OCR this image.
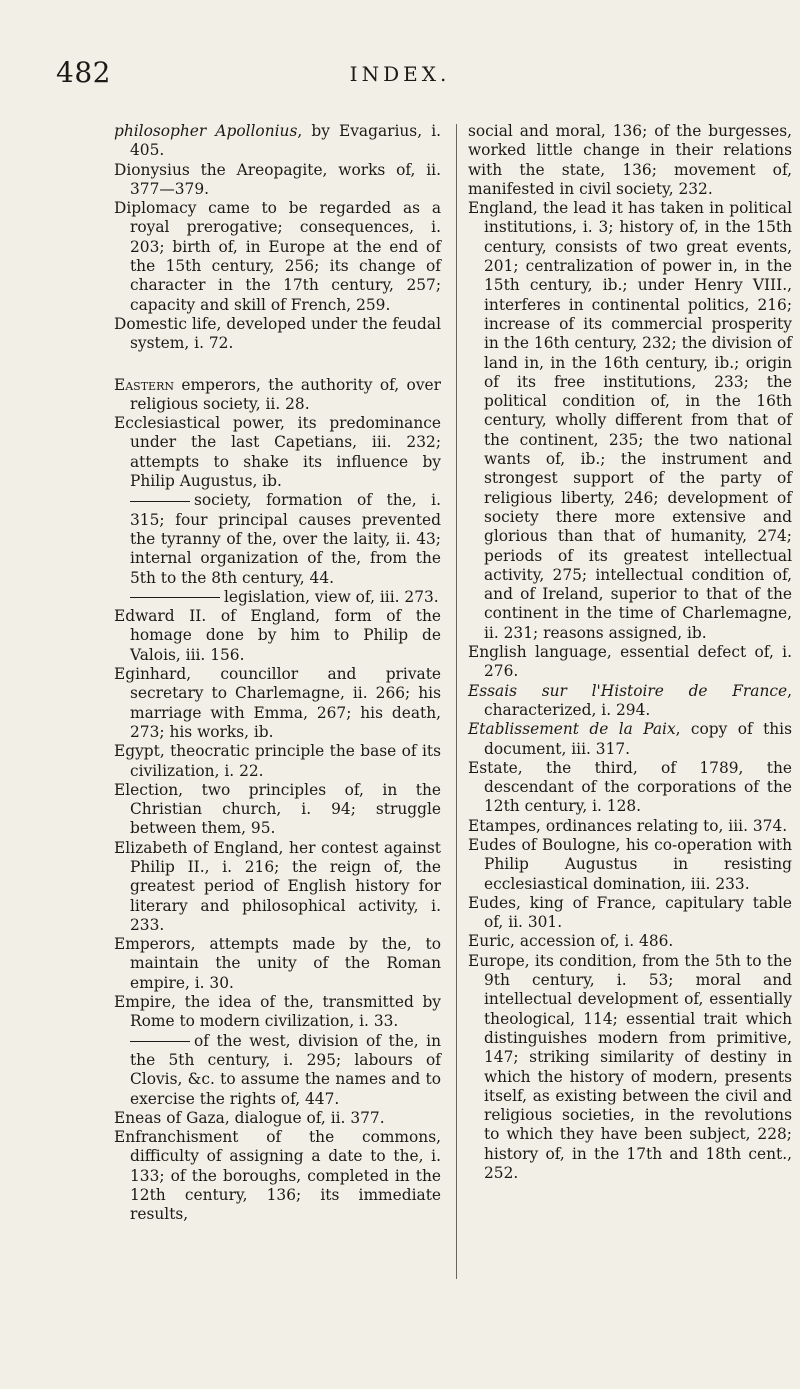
482	INDEX.

philosopher Apollonius, by Evagarius, i. 405.

Dionysius the Areopagite, works of, ii. 377—379.

Diplomacy came to be regarded as a royal prerogative; consequences, i. 203; birth of, in Europe at the end of the 15th century, 256; its change of character in the 17th century, 257; capacity and skill of French, 259.

Domestic life, developed under the feudal system, i. 72.

Eastern emperors, the authority of, over religious society, ii. 28.

Ecclesiastical power, its predominance under the last Capetians, iii. 232; attempts to shake its influence by Philip Augustus, ib.

society, formation of the, i. 315; four principal causes prevented the tyranny of the, over the laity, ii. 43; internal organization of the, from the 5th to the 8th century, 44.

legislation, view of, iii. 273.

Edward II. of England, form of the homage done by him to Philip de Valois, iii. 156.

Eginhard, councillor and private secretary to Charlemagne, ii. 266; his marriage with Emma, 267; his death, 273; his works, ib.

Egypt, theocratic principle the base of its civilization, i. 22.

Election, two principles of, in the Christian church, i. 94; struggle between them, 95.

Elizabeth of England, her contest against Philip II., i. 216; the reign of, the greatest period of English history for literary and philosophical activity, i. 233.

Emperors, attempts made by the, to maintain the unity of the Roman empire, i. 30.

Empire, the idea of the, transmitted by Rome to modern civilization, i. 33.

of the west, division of the, in the 5th century, i. 295; labours of Clovis, &c. to assume the names and to exercise the rights of, 447.

Eneas of Gaza, dialogue of, ii. 377.

Enfranchisment of the commons, difficulty of assigning a date to the, i. 133; of the boroughs, completed in the 12th century, 136; its immediate results,

social and moral, 136; of the burgesses, worked little change in their relations with the state, 136; movement of, manifested in civil society, 232.

England, the lead it has taken in political institutions, i. 3; history of, in the 15th century, consists of two great events, 201; centralization of power in, in the 15th century, ib.; under Henry VIII., interferes in continental politics, 216; increase of its commercial prosperity in the 16th century, 232; the division of land in, in the 16th century, ib.; origin of its free institutions, 233; the political condition of, in the 16th century, wholly different from that of the continent, 235; the two national wants of, ib.; the instrument and strongest support of the party of religious liberty, 246; development of society there more extensive and glorious than that of humanity, 274; periods of its greatest intellectual activity, 275; intellectual condition of, and of Ireland, superior to that of the continent in the time of Charlemagne, ii. 231; reasons assigned, ib.

English language, essential defect of, i. 276.

Essais sur l'Histoire de France, characterized, i. 294.

Etablissement de la Paix, copy of this document, iii. 317.

Estate, the third, of 1789, the descendant of the corporations of the 12th century, i. 128.

Etampes, ordinances relating to, iii. 374.

Eudes of Boulogne, his co-operation with Philip Augustus in resisting ecclesiastical domination, iii. 233.

Eudes, king of France, capitulary table of, ii. 301.

Euric, accession of, i. 486.

Europe, its condition, from the 5th to the 9th century, i. 53; moral and intellectual development of, essentially theological, 114; essential trait which distinguishes modern from primitive, 147; striking similarity of destiny in which the history of modern, presents itself, as existing between the civil and religious societies, in the revolutions to which they have been subject, 228; history of, in the 17th and 18th cent., 252.
